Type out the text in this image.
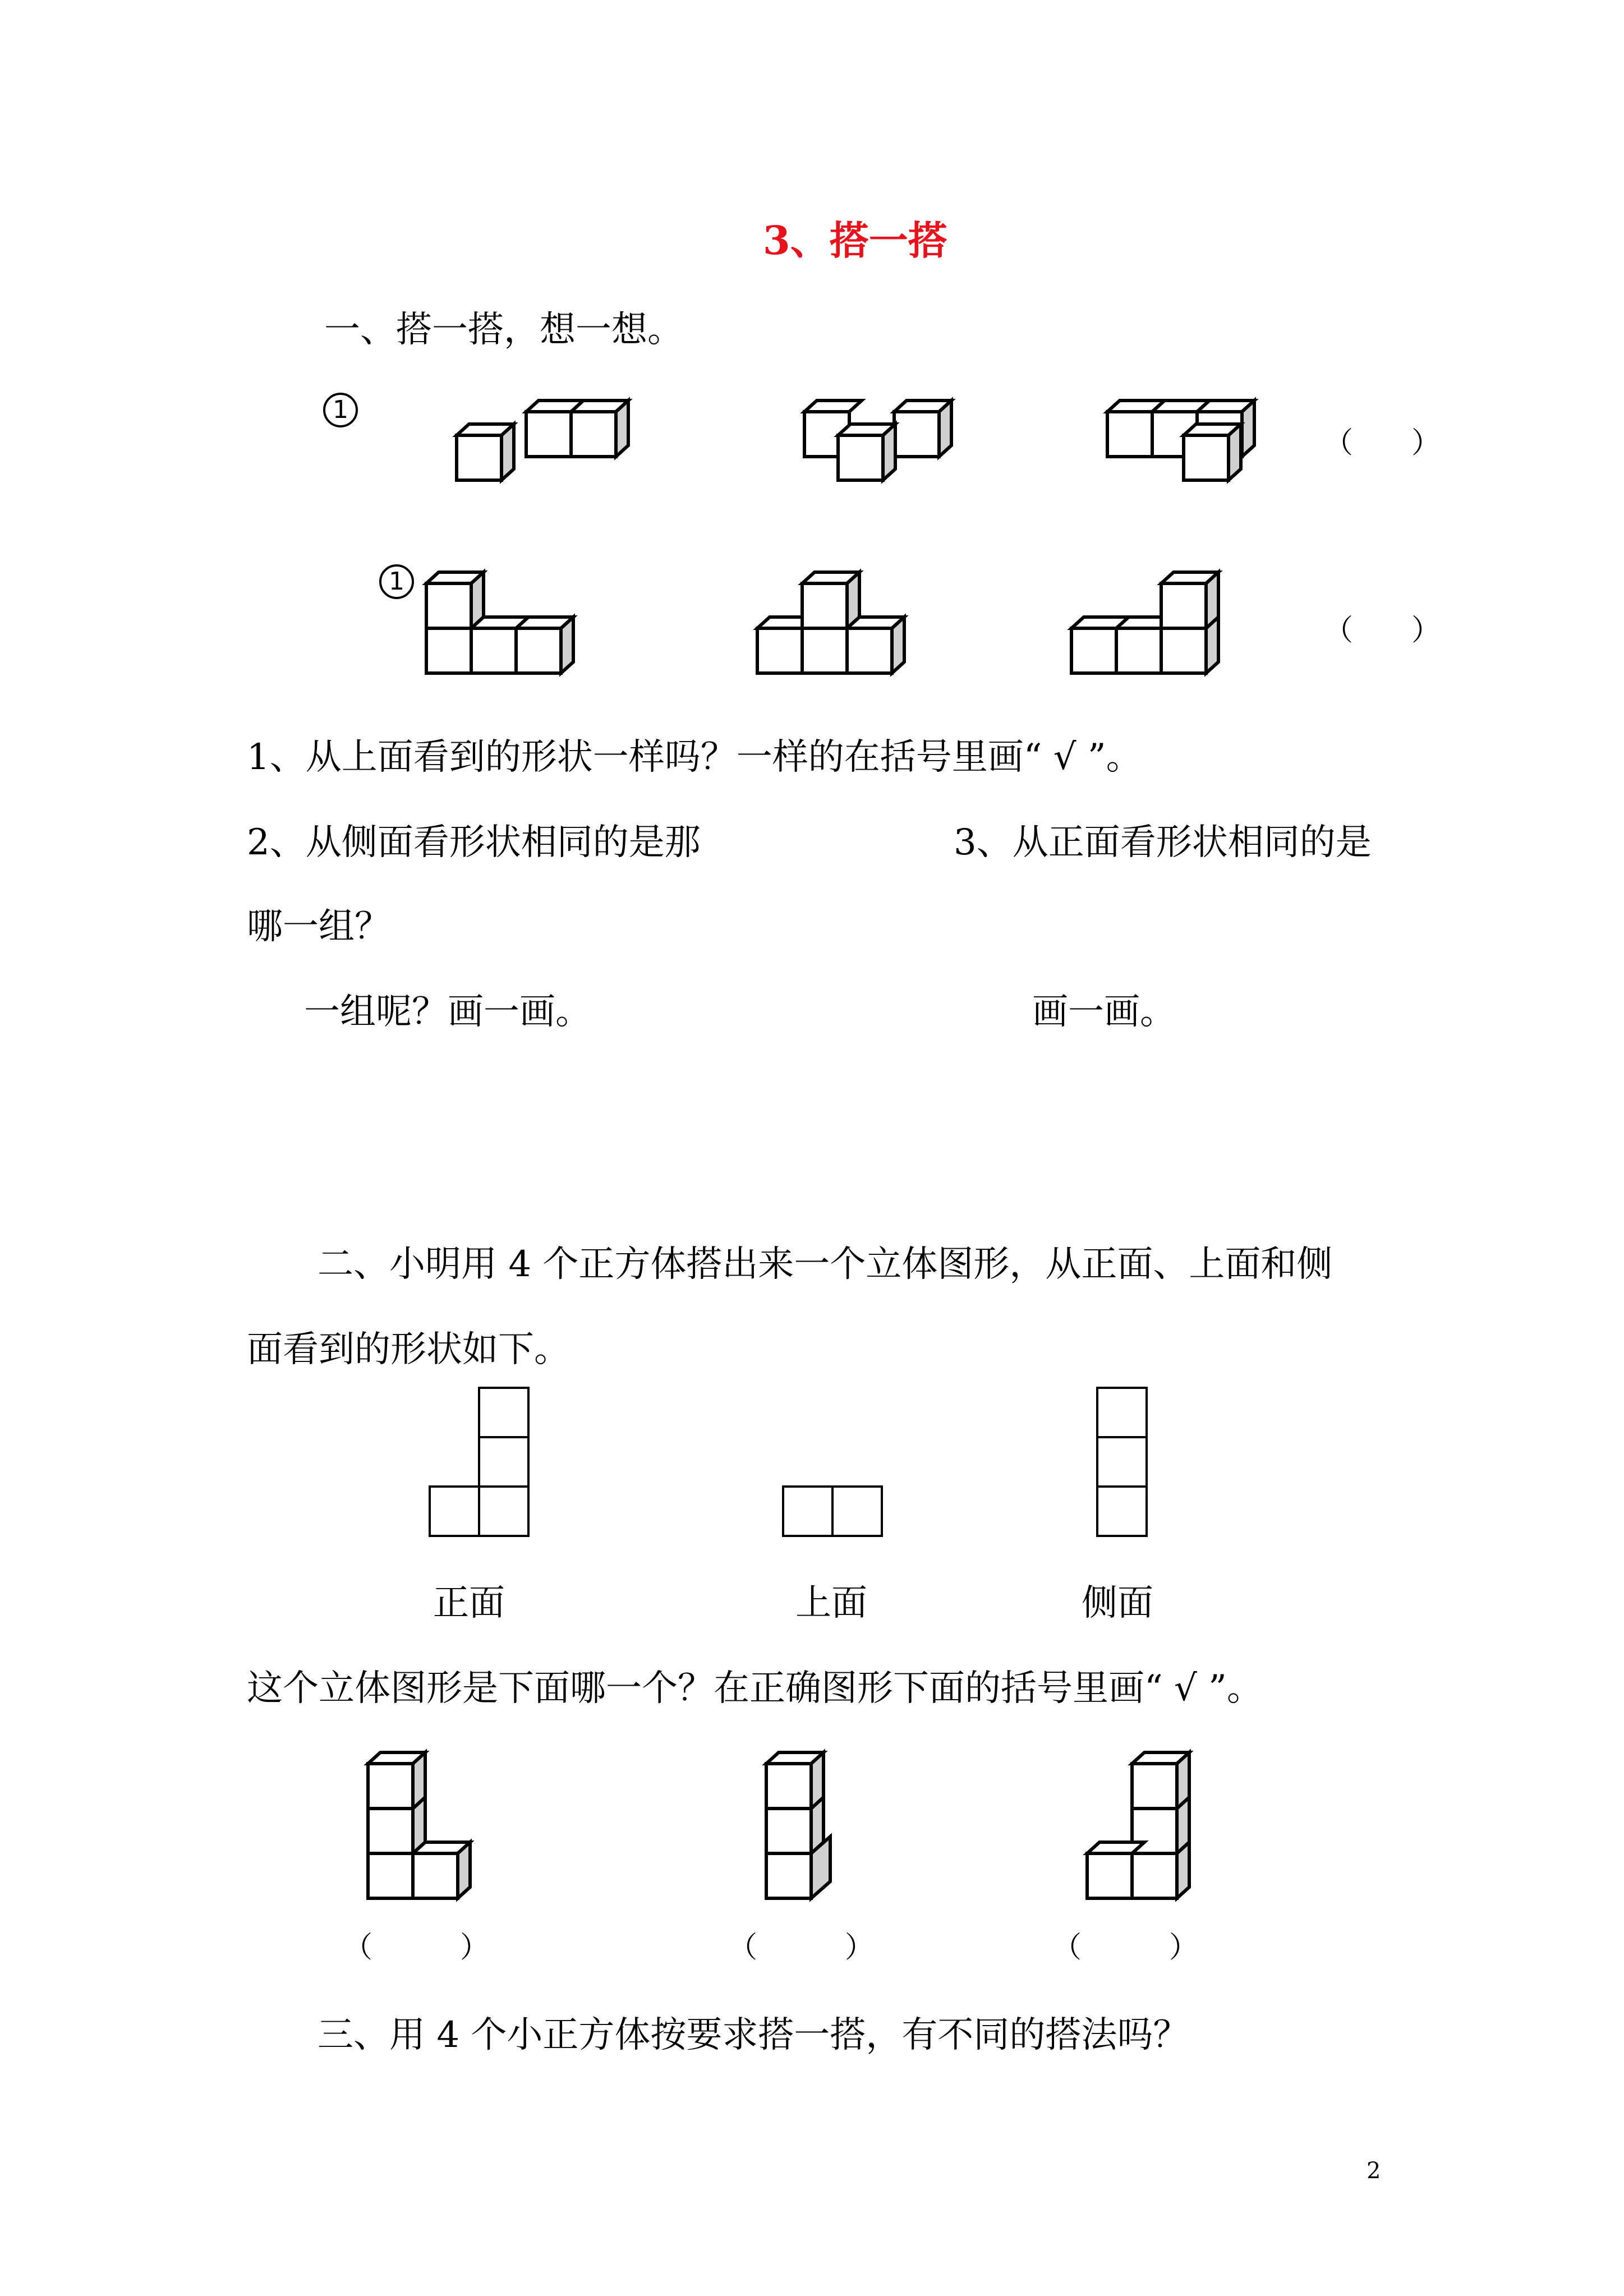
3、搭一搭
一、搭一搭，想一想。
1
1
（　　）
（　　）
1、从上面看到的形状一样吗？一样的在括号里画“ √ ”。
2、从侧面看形状相同的是那	3、从正面看形状相同的是
哪一组？
一组呢？画一画。	画一画。
二、小明用 4 个正方体搭出来一个立体图形，从正面、上面和侧
面看到的形状如下。
正面	上面	侧面
这个立体图形是下面哪一个？在正确图形下面的括号里画“ √ ”。
（　　　）	（　　　）	（　　　）
三、用 4 个小正方体按要求搭一搭，有不同的搭法吗？
2
